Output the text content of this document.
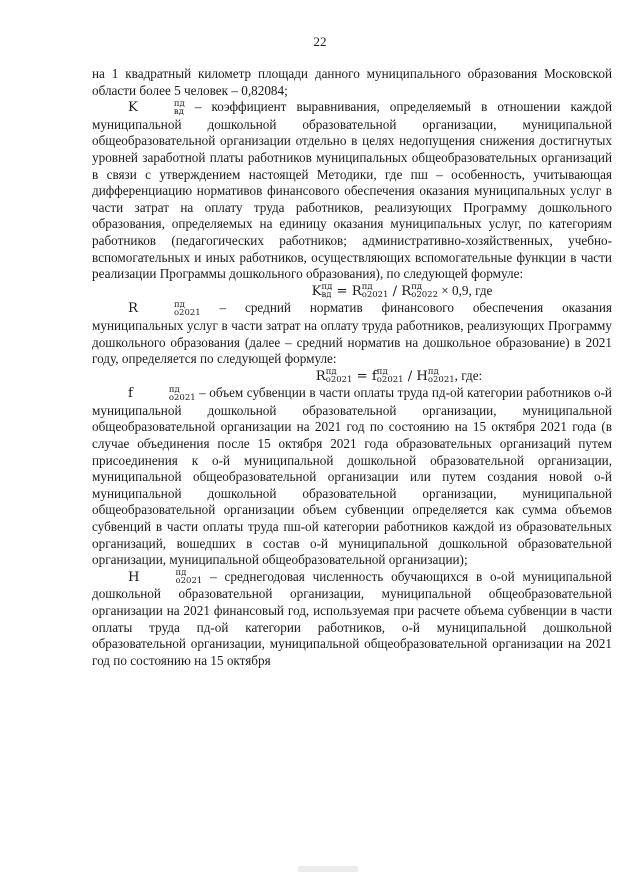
22

на 1 квадратный километр площади данного муниципального образования Московской области более 5 человек – 0,82084;

K	пд
вд – коэффициент выравнивания, определяемый в отношении каждой муниципальной дошкольной образовательной организации, муниципальной общеобразовательной организации отдельно в целях недопущения снижения достигнутых уровней заработной платы работников муниципальных общеобразовательных организаций в связи с утверждением настоящей Методики, где пш – особенность, учитывающая дифференциацию нормативов финансового обеспечения оказания муниципальных услуг в части затрат на оплату труда работников, реализующих Программу дошкольного образования, определяемых на единицу оказания муниципальных услуг, по категориям работников (педагогических работников; административно-хозяйственных, учебно-вспомогательных и иных работников, осуществляющих вспомогательные функции в части реализации Программы дошкольного образования), по следующей формуле:

K пд
вд = R пд
o2021 / R пд
o2022 × 0,9, где

R	пд
o2021 – средний норматив финансового обеспечения оказания муниципальных услуг в части затрат на оплату труда работников, реализующих Программу дошкольного образования (далее – средний норматив на дошкольное образование) в 2021 году, определяется по следующей формуле:

R пд
o2021 = f пд
o2021 / H пд
o2021 , где:

f	пд
o2021 – объем субвенции в части оплаты труда пд-ой категории работников о-й муниципальной дошкольной образовательной организации, муниципальной общеобразовательной организации на 2021 год по состоянию на 15 октября 2021 года (в случае объединения после 15 октября 2021 года образовательных организаций путем присоединения к о-й муниципальной дошкольной образовательной организации, муниципальной общеобразовательной организации или путем создания новой о-й муниципальной дошкольной образовательной организации, муниципальной общеобразовательной организации объем субвенции определяется как сумма объемов субвенций в части оплаты труда пш-ой категории работников каждой из образовательных организаций, вошедших в состав о-й муниципальной дошкольной образовательной организации, муниципальной общеобразовательной организации);

H	пд
o2021 – среднегодовая численность обучающихся в о-ой муниципальной дошкольной образовательной организации, муниципальной общеобразовательной организации на 2021 финансовый год, используемая при расчете объема субвенции в части оплаты труда пд-ой категории работников, о-й муниципальной дошкольной образовательной организации, муниципальной общеобразовательной организации на 2021 год по состоянию на 15 октября
